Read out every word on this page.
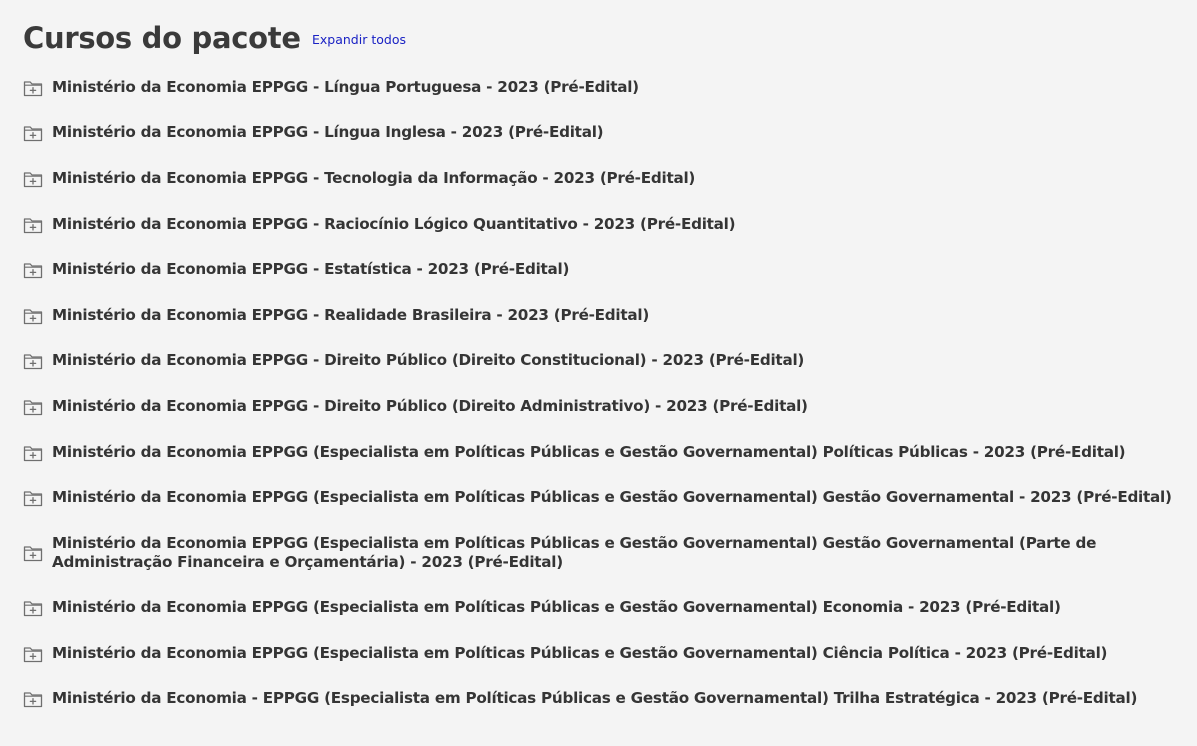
Cursos do pacote Expandir todos
Ministério da Economia EPPGG - Língua Portuguesa - 2023 (Pré-Edital)
Ministério da Economia EPPGG - Língua Inglesa - 2023 (Pré-Edital)
Ministério da Economia EPPGG - Tecnologia da Informação - 2023 (Pré-Edital)
Ministério da Economia EPPGG - Raciocínio Lógico Quantitativo - 2023 (Pré-Edital)
Ministério da Economia EPPGG - Estatística - 2023 (Pré-Edital)
Ministério da Economia EPPGG - Realidade Brasileira - 2023 (Pré-Edital)
Ministério da Economia EPPGG - Direito Público (Direito Constitucional) - 2023 (Pré-Edital)
Ministério da Economia EPPGG - Direito Público (Direito Administrativo) - 2023 (Pré-Edital)
Ministério da Economia EPPGG (Especialista em Políticas Públicas e Gestão Governamental) Políticas Públicas - 2023 (Pré-Edital)
Ministério da Economia EPPGG (Especialista em Políticas Públicas e Gestão Governamental) Gestão Governamental - 2023 (Pré-Edital)
Ministério da Economia EPPGG (Especialista em Políticas Públicas e Gestão Governamental) Gestão Governamental (Parte de Administração Financeira e Orçamentária) - 2023 (Pré-Edital)
Ministério da Economia EPPGG (Especialista em Políticas Públicas e Gestão Governamental) Economia - 2023 (Pré-Edital)
Ministério da Economia EPPGG (Especialista em Políticas Públicas e Gestão Governamental) Ciência Política - 2023 (Pré-Edital)
Ministério da Economia - EPPGG (Especialista em Políticas Públicas e Gestão Governamental) Trilha Estratégica - 2023 (Pré-Edital)
